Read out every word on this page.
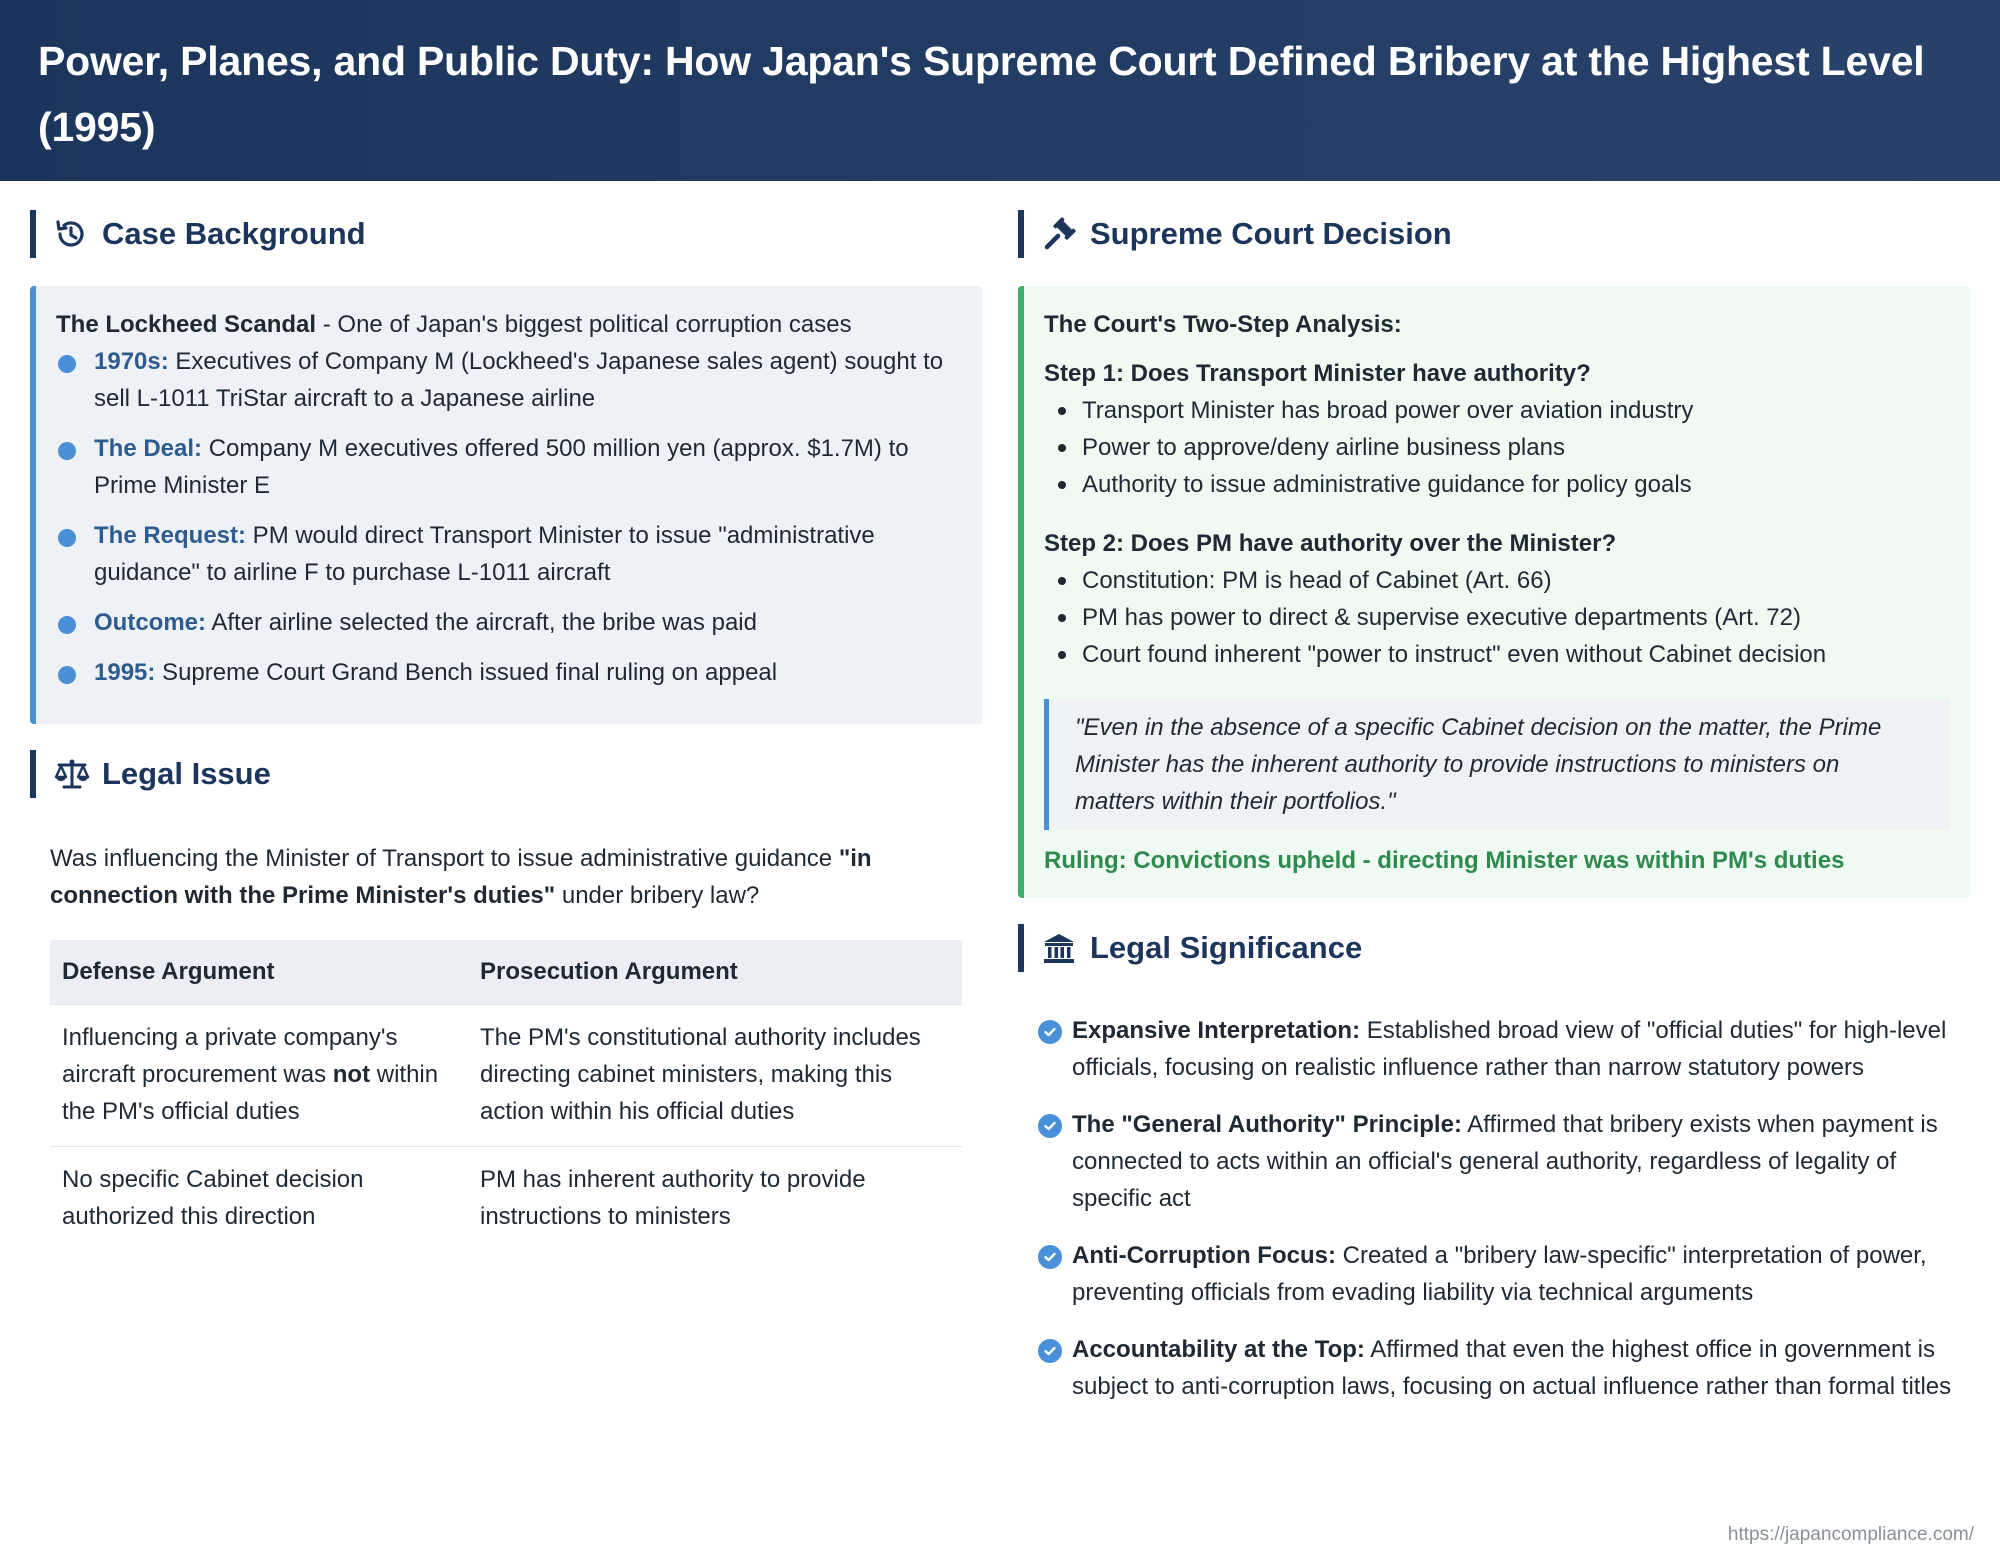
Power, Planes, and Public Duty: How Japan's Supreme Court Defined Bribery at the Highest Level (1995)
Case Background
The Lockheed Scandal - One of Japan's biggest political corruption cases
1970s: Executives of Company M (Lockheed's Japanese sales agent) sought to sell L-1011 TriStar aircraft to a Japanese airline
The Deal: Company M executives offered 500 million yen (approx. $1.7M) to Prime Minister E
The Request: PM would direct Transport Minister to issue "administrative guidance" to airline F to purchase L-1011 aircraft
Outcome: After airline selected the aircraft, the bribe was paid
1995: Supreme Court Grand Bench issued final ruling on appeal
Legal Issue
Was influencing the Minister of Transport to issue administrative guidance "in connection with the Prime Minister's duties" under bribery law?
Defense Argument	Prosecution Argument
Influencing a private company's aircraft procurement was not within the PM's official duties	The PM's constitutional authority includes directing cabinet ministers, making this action within his official duties
No specific Cabinet decision authorized this direction	PM has inherent authority to provide instructions to ministers
Supreme Court Decision
The Court's Two-Step Analysis:
Step 1: Does Transport Minister have authority?
Transport Minister has broad power over aviation industry
Power to approve/deny airline business plans
Authority to issue administrative guidance for policy goals
Step 2: Does PM have authority over the Minister?
Constitution: PM is head of Cabinet (Art. 66)
PM has power to direct & supervise executive departments (Art. 72)
Court found inherent "power to instruct" even without Cabinet decision
"Even in the absence of a specific Cabinet decision on the matter, the Prime Minister has the inherent authority to provide instructions to ministers on matters within their portfolios."
Ruling: Convictions upheld - directing Minister was within PM's duties
Legal Significance
Expansive Interpretation: Established broad view of "official duties" for high-level officials, focusing on realistic influence rather than narrow statutory powers
The "General Authority" Principle: Affirmed that bribery exists when payment is connected to acts within an official's general authority, regardless of legality of specific act
Anti-Corruption Focus: Created a "bribery law-specific" interpretation of power, preventing officials from evading liability via technical arguments
Accountability at the Top: Affirmed that even the highest office in government is subject to anti-corruption laws, focusing on actual influence rather than formal titles
https://japancompliance.com/
